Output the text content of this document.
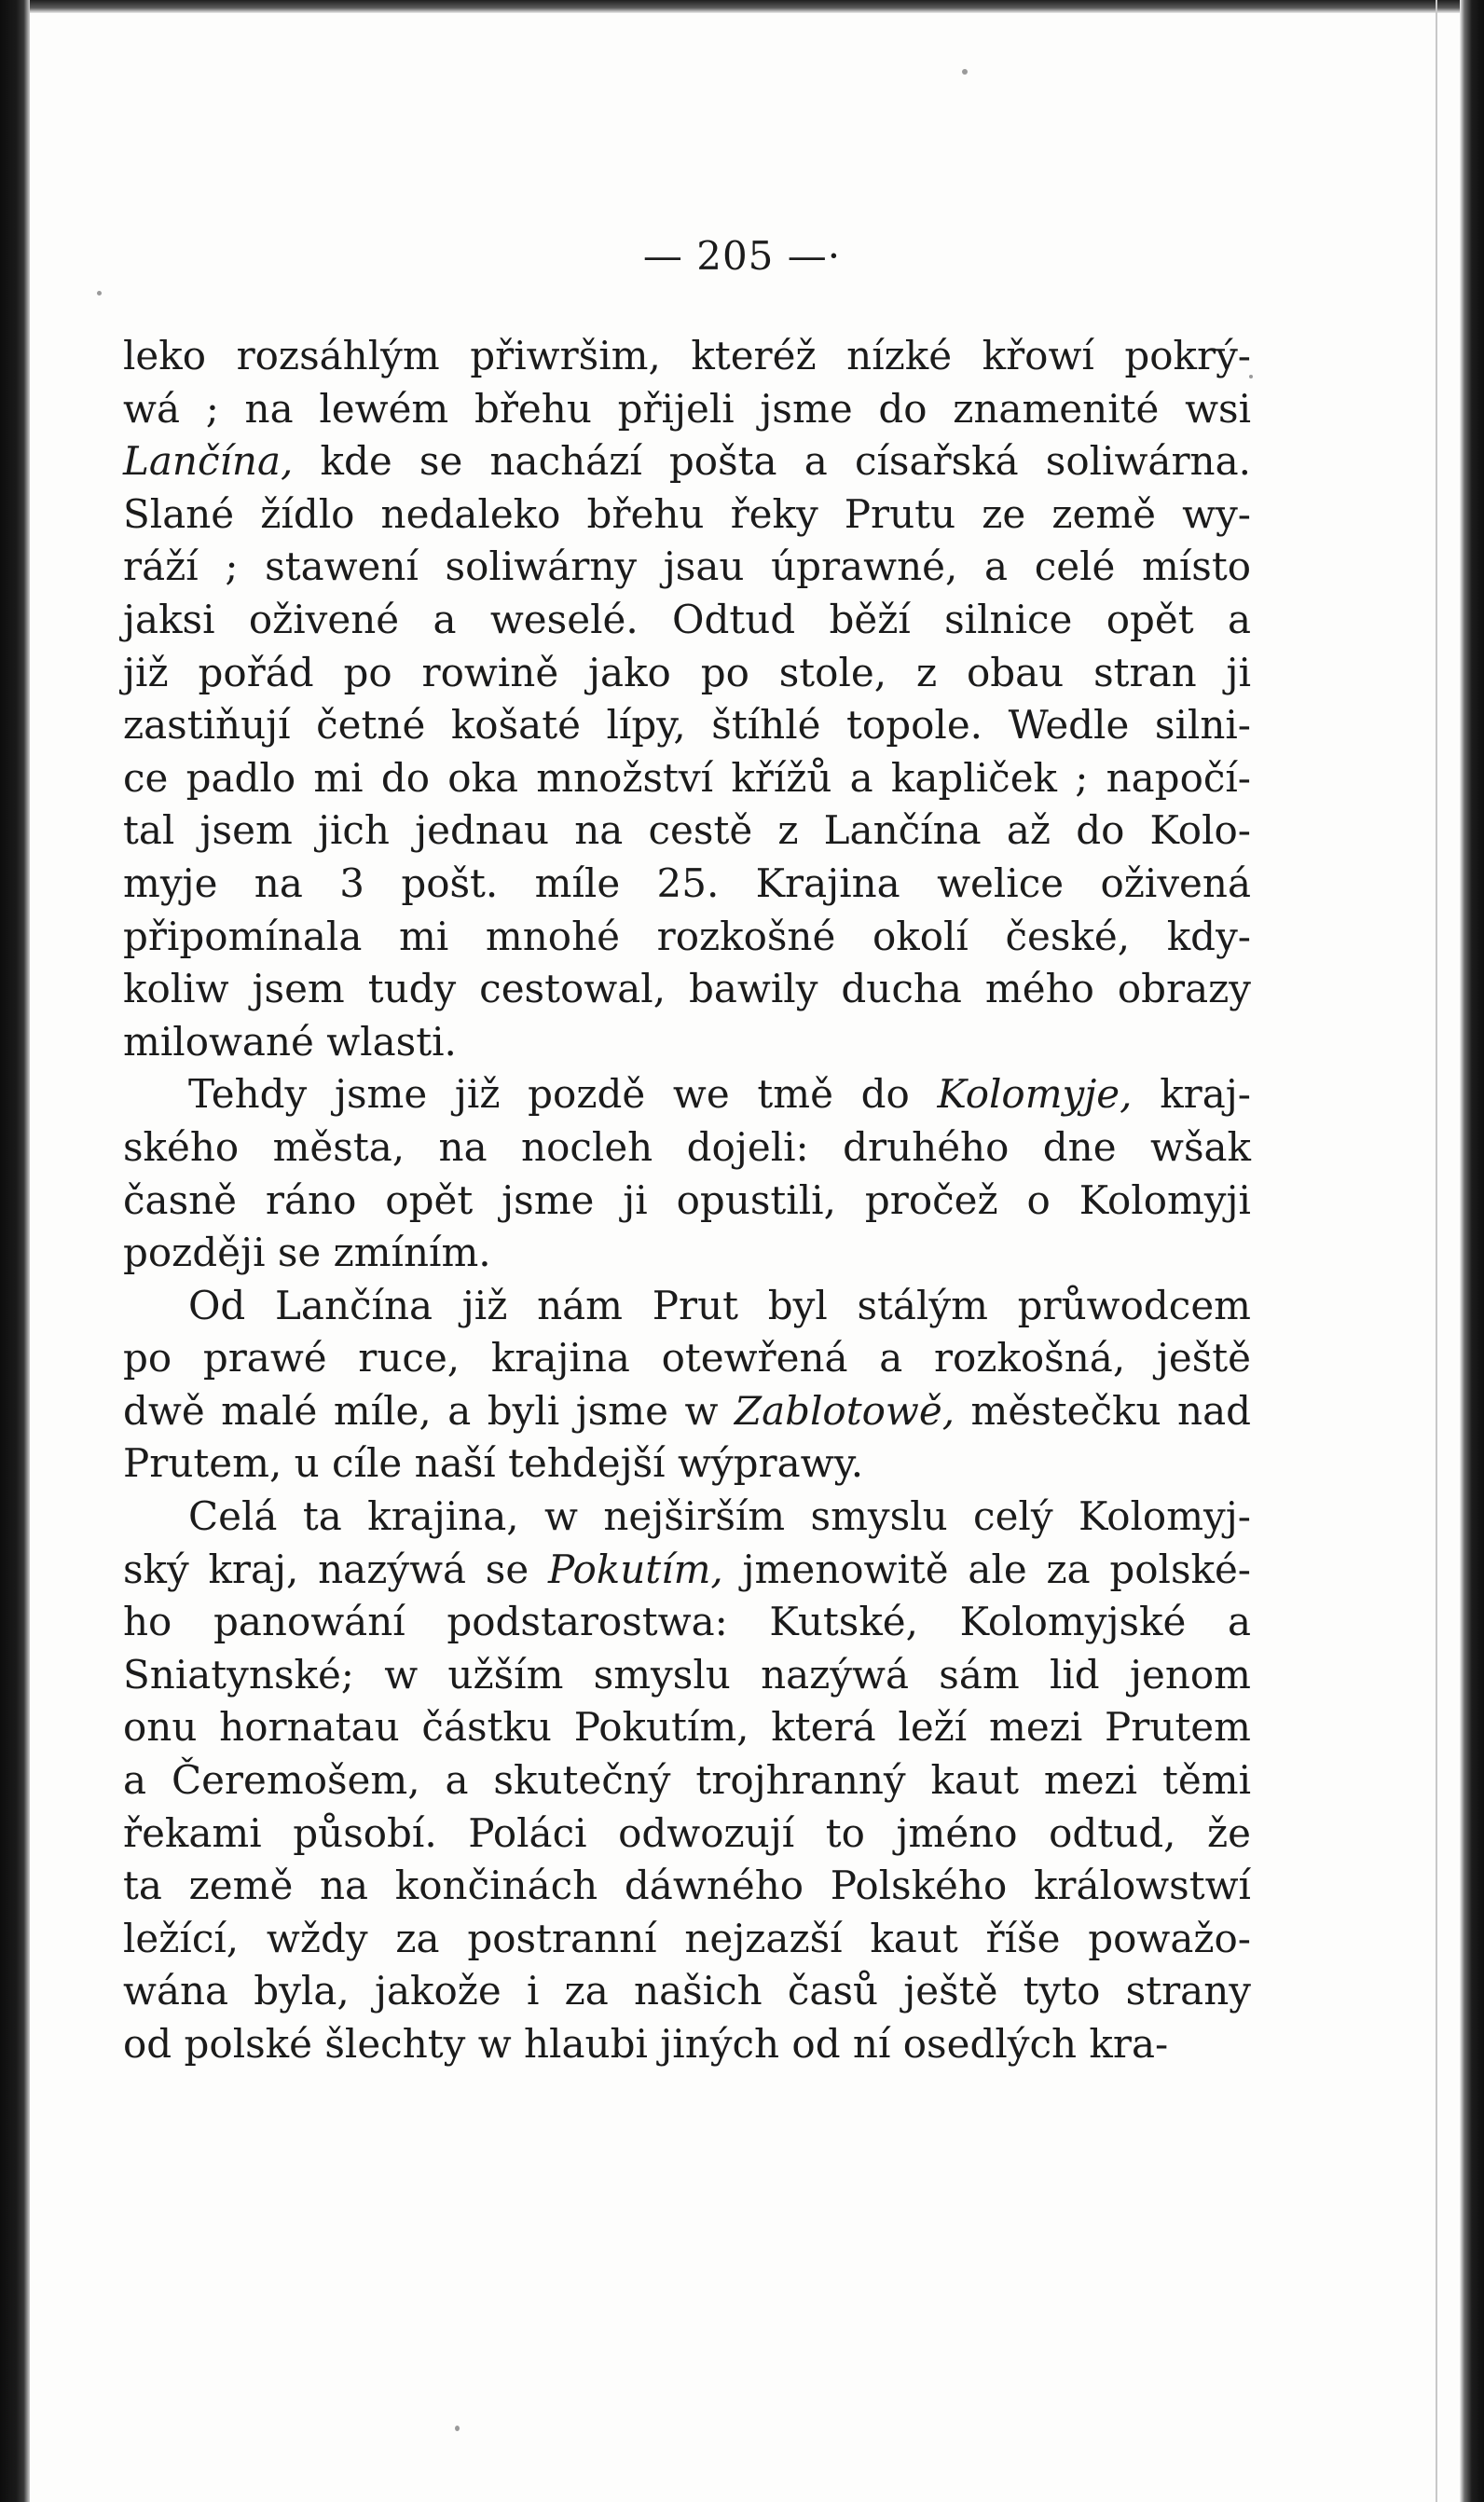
— 205 —·
leko rozsáhlým přiwršim, kteréž nízké křowí pokrý-
wá ; na lewém břehu přijeli jsme do znamenité wsi
Lančína, kde se nachází pošta a císařská soliwárna.
Slané žídlo nedaleko břehu řeky Prutu ze země wy-
ráží ; stawení soliwárny jsau úprawné, a celé místo
jaksi oživené a weselé. Odtud běží silnice opět a
již pořád po rowině jako po stole, z obau stran ji
zastiňují četné košaté lípy, štíhlé topole. Wedle silni-
ce padlo mi do oka množství křížů a kapliček ; napočí-
tal jsem jich jednau na cestě z Lančína až do Kolo-
myje na 3 pošt. míle 25. Krajina welice oživená
připomínala mi mnohé rozkošné okolí české, kdy-
koliw jsem tudy cestowal, bawily ducha mého obrazy
milowané wlasti.
Tehdy jsme již pozdě we tmě do Kolomyje, kraj-
ského města, na nocleh dojeli: druhého dne wšak
časně ráno opět jsme ji opustili, pročež o Kolomyji
později se zmíním.
Od Lančína již nám Prut byl stálým průwodcem
po prawé ruce, krajina otewřená a rozkošná, ještě
dwě malé míle, a byli jsme w Zablotowě, městečku nad
Prutem, u cíle naší tehdejší wýprawy.
Celá ta krajina, w nejširším smyslu celý Kolomyj-
ský kraj, nazýwá se Pokutím, jmenowitě ale za polské-
ho panowání podstarostwa: Kutské, Kolomyjské a
Sniatynské; w užším smyslu nazýwá sám lid jenom
onu hornatau částku Pokutím, která leží mezi Prutem
a Čeremošem, a skutečný trojhranný kaut mezi těmi
řekami působí. Poláci odwozují to jméno odtud, že
ta země na končinách dáwného Polského králowstwí
ležící, wždy za postranní nejzazší kaut říše powažo-
wána byla, jakože i za našich časů ještě tyto strany
od polské šlechty w hlaubi jiných od ní osedlých kra-
